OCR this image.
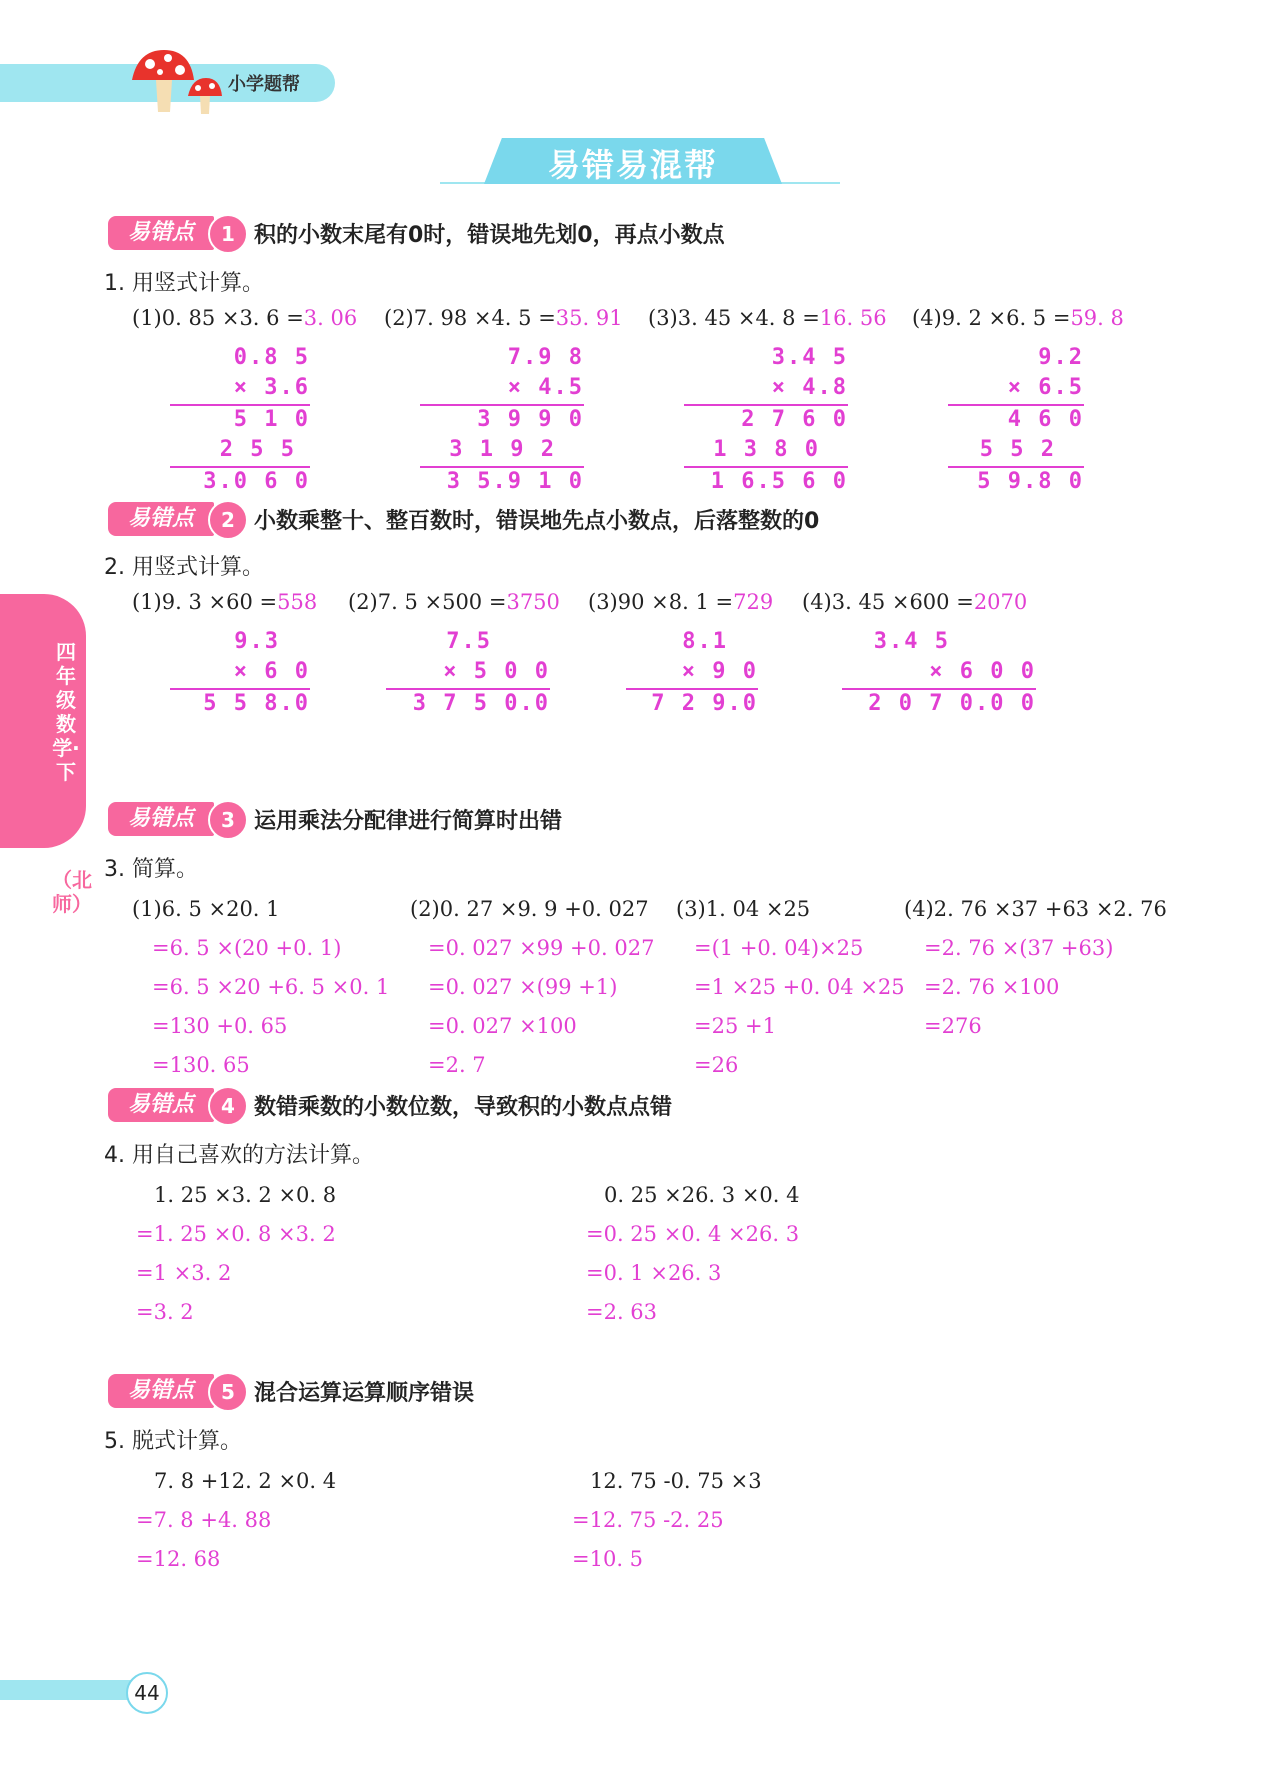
小学题帮
易错易混帮
四年级数学·下
（北师）
易错点	1 积的小数末尾有0时，错误地先划0，再点小数点
1. 用竖式计算。
(1)0. 85 ×3. 6 =3. 06 (2)7. 98 ×4. 5 =35. 91 (3)3. 45 ×4. 8 =16. 56 (4)9. 2 ×6. 5 =59. 8
0.8 5
× 3.6
5 1 0
2 5 5
3.0 6 0
7.9 8
× 4.5
3 9 9 0
3 1 9 2
3 5.9 1 0
3.4 5
× 4.8
2 7 6 0
1 3 8 0
1 6.5 6 0
9.2
× 6.5
4 6 0
5 5 2
5 9.8 0
易错点	2 小数乘整十、整百数时，错误地先点小数点，后落整数的0
2. 用竖式计算。
(1)9. 3 ×60 =558 (2)7. 5 ×500 =3750 (3)90 ×8. 1 =729 (4)3. 45 ×600 =2070
9.3
× 6 0
5 5 8.0
7.5
× 5 0 0
3 7 5 0.0
8.1
× 9 0
7 2 9.0
3.4 5
× 6 0 0
2 0 7 0.0 0
易错点	3 运用乘法分配律进行简算时出错
3. 简算。
(1)6. 5 ×20. 1
=6. 5 ×(20 +0. 1)
=6. 5 ×20 +6. 5 ×0. 1
=130 +0. 65
=130. 65
(2)0. 27 ×9. 9 +0. 027
=0. 027 ×99 +0. 027
=0. 027 ×(99 +1)
=0. 027 ×100
=2. 7
(3)1. 04 ×25
=(1 +0. 04)×25
=1 ×25 +0. 04 ×25
=25 +1
=26
(4)2. 76 ×37 +63 ×2. 76
=2. 76 ×(37 +63)
=2. 76 ×100
=276
易错点	4 数错乘数的小数位数，导致积的小数点点错
4. 用自己喜欢的方法计算。
1. 25 ×3. 2 ×0. 8
=1. 25 ×0. 8 ×3. 2
=1 ×3. 2
=3. 2
0. 25 ×26. 3 ×0. 4
=0. 25 ×0. 4 ×26. 3
=0. 1 ×26. 3
=2. 63
易错点	5 混合运算运算顺序错误
5. 脱式计算。
7. 8 +12. 2 ×0. 4
=7. 8 +4. 88
=12. 68
12. 75 -0. 75 ×3
=12. 75 -2. 25
=10. 5
44
